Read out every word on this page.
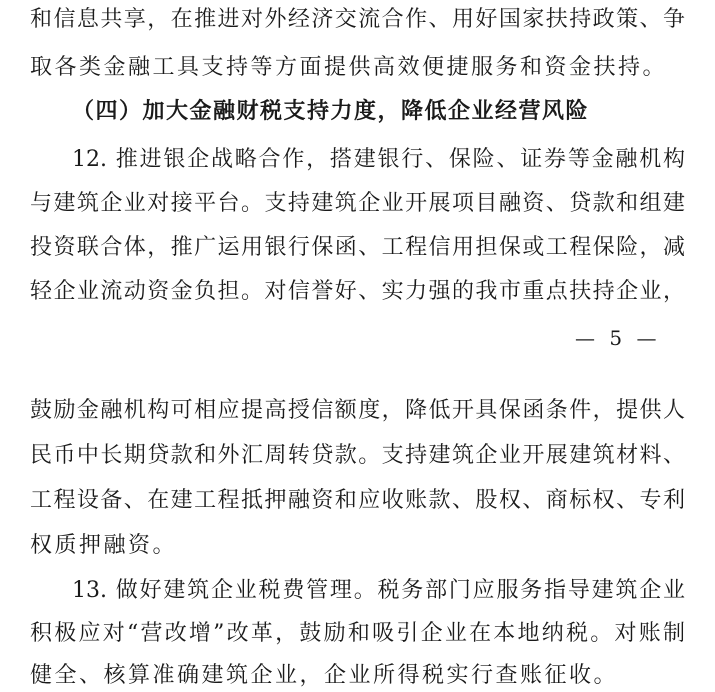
和信息共享，在推进对外经济交流合作、用好国家扶持政策、争
取各类金融工具支持等方面提供高效便捷服务和资金扶持。
（四）加大金融财税支持力度，降低企业经营风险
12. 推进银企战略合作，搭建银行、保险、证券等金融机构
与建筑企业对接平台。支持建筑企业开展项目融资、贷款和组建
投资联合体，推广运用银行保函、工程信用担保或工程保险，减
轻企业流动资金负担。对信誉好、实力强的我市重点扶持企业，
— 5 —
鼓励金融机构可相应提高授信额度，降低开具保函条件，提供人
民币中长期贷款和外汇周转贷款。支持建筑企业开展建筑材料、
工程设备、在建工程抵押融资和应收账款、股权、商标权、专利
权质押融资。
13. 做好建筑企业税费管理。税务部门应服务指导建筑企业
积极应对“营改增”改革，鼓励和吸引企业在本地纳税。对账制
健全、核算准确建筑企业，企业所得税实行查账征收。
